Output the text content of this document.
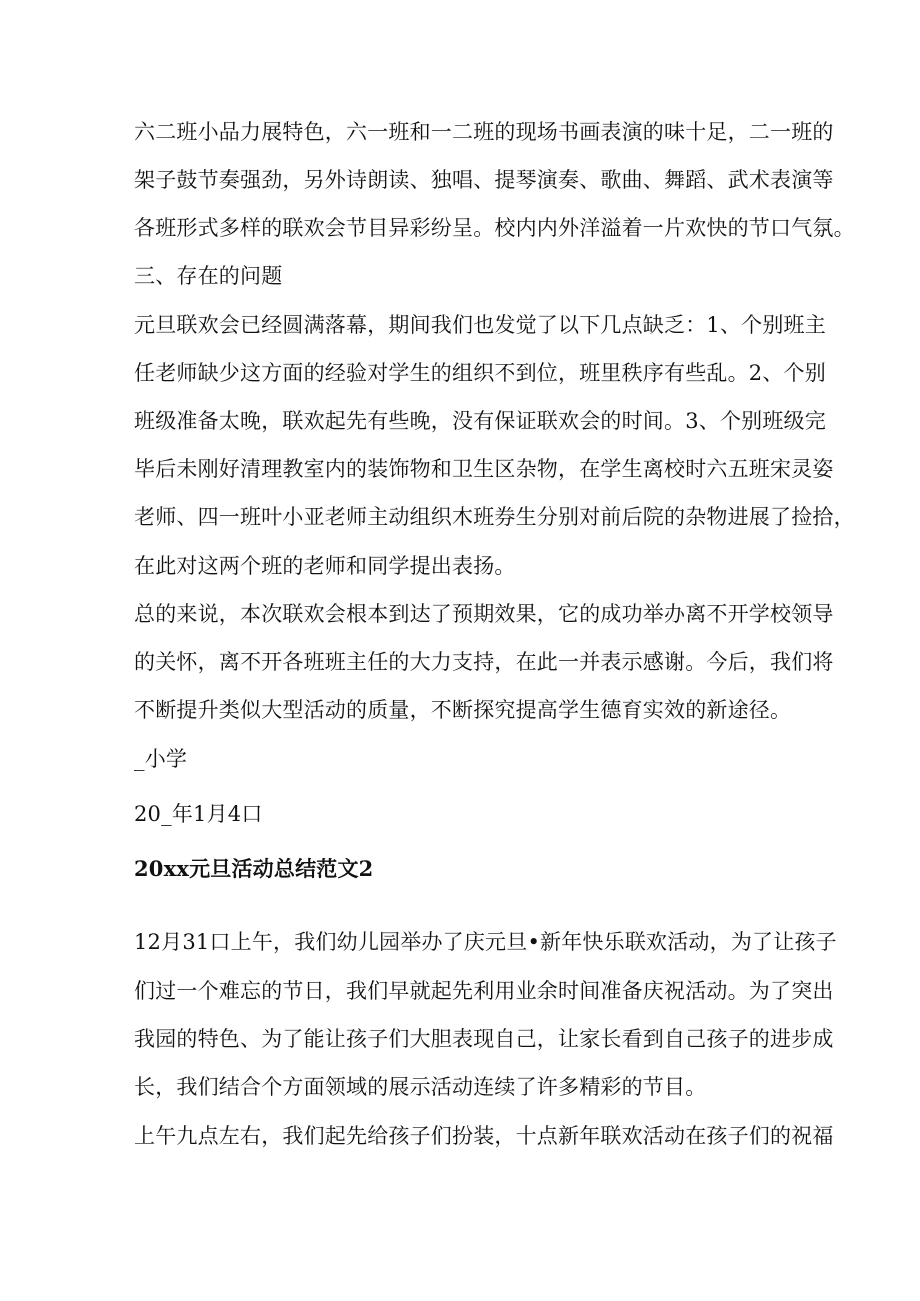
六二班小品力展特色，六一班和一二班的现场书画表演的味十足，二一班的
架子鼓节奏强劲，另外诗朗读、独唱、提琴演奏、歌曲、舞蹈、武术表演等
各班形式多样的联欢会节目异彩纷呈。校内内外洋溢着一片欢快的节口气氛。
三、存在的问题
元旦联欢会已经圆满落幕，期间我们也发觉了以下几点缺乏：1、个别班主
任老师缺少这方面的经验对学生的组织不到位，班里秩序有些乱。2、个别
班级准备太晚，联欢起先有些晚，没有保证联欢会的时间。3、个别班级完
毕后未刚好清理教室内的装饰物和卫生区杂物，在学生离校时六五班宋灵姿
老师、四一班叶小亚老师主动组织木班券生分别对前后院的杂物进展了捡拾，
在此对这两个班的老师和同学提出表扬。
总的来说，本次联欢会根本到达了预期效果，它的成功举办离不开学校领导
的关怀，离不开各班班主任的大力支持，在此一并表示感谢。今后，我们将
不断提升类似大型活动的质量，不断探究提高学生德育实效的新途径。
_小学
20_年1月4口
20xx元旦活动总结范文2
12月31口上午，我们幼儿园举办了庆元旦•新年快乐联欢活动，为了让孩子
们过一个难忘的节日，我们早就起先利用业余时间准备庆祝活动。为了突出
我园的特色、为了能让孩子们大胆表现自己，让家长看到自己孩子的进步成
长，我们结合个方面领域的展示活动连续了许多精彩的节目。
上午九点左右，我们起先给孩子们扮装，十点新年联欢活动在孩子们的祝福
